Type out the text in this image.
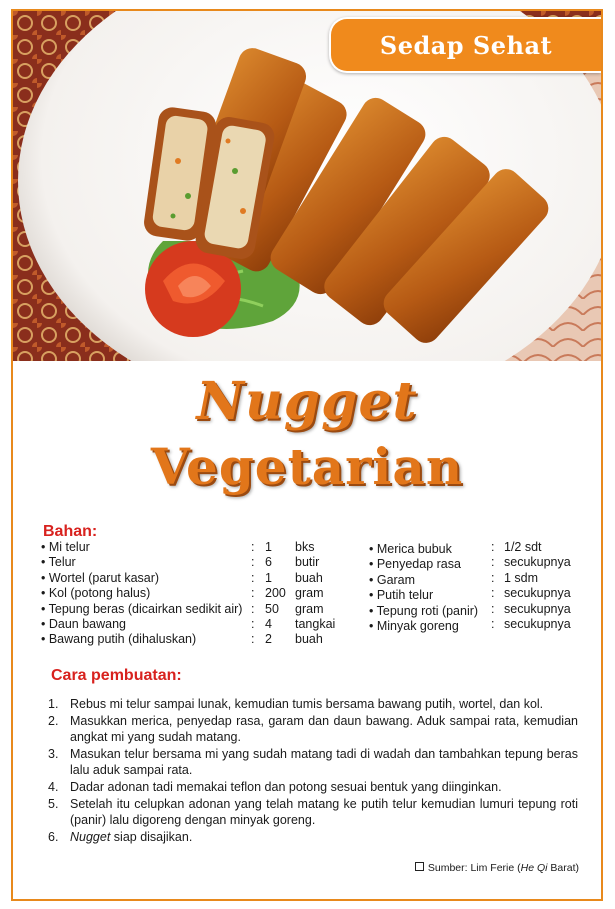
Sedap Sehat
Nugget
Vegetarian
Bahan:
• Mi telur
• Telur
• Wortel (parut kasar)
• Kol (potong halus)
• Tepung beras (dicairkan sedikit air)
• Daun bawang
• Bawang putih (dihaluskan)
:
:
:
:
:
:
:
1
6
1
200
50
4
2
bks
butir
buah
gram
gram
tangkai
buah
• Merica bubuk
• Penyedap rasa
• Garam
• Putih telur
• Tepung roti (panir)
• Minyak goreng
:
:
:
:
:
:
1/2 sdt
secukupnya
1 sdm
secukupnya
secukupnya
secukupnya
Cara pembuatan:
1. Rebus mi telur sampai lunak, kemudian tumis bersama bawang putih, wortel, dan kol.
2. Masukkan merica, penyedap rasa, garam dan daun bawang. Aduk sampai rata, kemudian angkat mi yang sudah matang.
3. Masukan telur bersama mi yang sudah matang tadi di wadah dan tambahkan tepung beras lalu aduk sampai rata.
4. Dadar adonan tadi memakai teflon dan potong sesuai bentuk yang diinginkan.
5. Setelah itu celupkan adonan yang telah matang ke putih telur kemudian lumuri tepung roti (panir) lalu digoreng dengan minyak goreng.
6. Nugget siap disajikan.
Sumber: Lim Ferie (He Qi Barat)
